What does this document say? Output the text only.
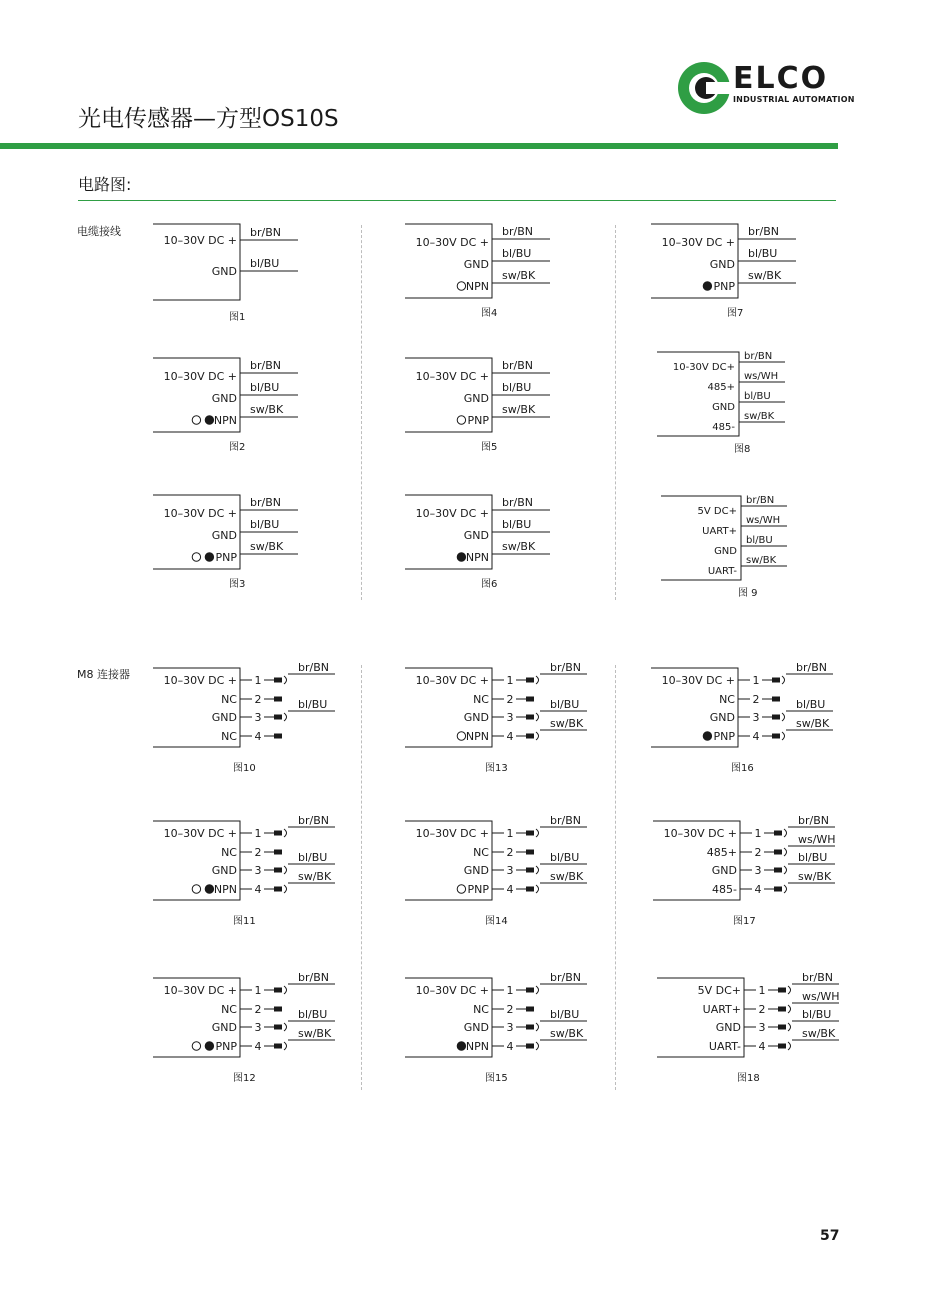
光电传感器—方型OS10S
ELCO
INDUSTRIAL AUTOMATION
电路图:
电缆接线
M8 连接器
10–30V DC +
br/BN
GND
bl/BU
图1
10–30V DC +
br/BN
GND
bl/BU
NPN
sw/BK
图4
10–30V DC +
br/BN
GND
bl/BU
PNP
sw/BK
图7
10–30V DC +
br/BN
GND
bl/BU
NPN
sw/BK
图2
10–30V DC +
br/BN
GND
bl/BU
PNP
sw/BK
图5
10-30V DC+
br/BN
485+
ws/WH
GND
bl/BU
485-
sw/BK
图8
10–30V DC +
br/BN
GND
bl/BU
PNP
sw/BK
图3
10–30V DC +
br/BN
GND
bl/BU
NPN
sw/BK
图6
5V DC+
br/BN
UART+
ws/WH
GND
bl/BU
UART-
sw/BK
图 9
10–30V DC + 1
br/BN
NC 2
GND 3
bl/BU
NC 4
图10
10–30V DC + 1
br/BN
NC 2
GND 3
bl/BU
NPN 4
sw/BK
图13
10–30V DC + 1
br/BN
NC 2
GND 3
bl/BU
PNP 4
sw/BK
图16
10–30V DC + 1
br/BN
NC 2
GND 3
bl/BU
NPN 4
sw/BK
图11
10–30V DC + 1
br/BN
NC 2
GND 3
bl/BU
PNP 4
sw/BK
图14
10–30V DC + 1
br/BN
485+ 2
ws/WH
GND 3
bl/BU
485- 4
sw/BK
图17
10–30V DC + 1
br/BN
NC 2
GND 3
bl/BU
PNP 4
sw/BK
图12
10–30V DC + 1
br/BN
NC 2
GND 3
bl/BU
NPN 4
sw/BK
图15
5V DC+ 1
br/BN
UART+ 2
ws/WH
GND 3
bl/BU
UART- 4
sw/BK
图18
57
